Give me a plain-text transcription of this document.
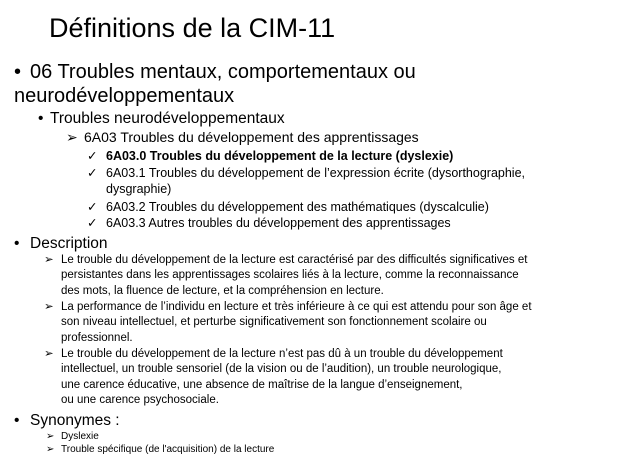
Définitions de la CIM-11
• 06 Troubles mentaux, comportementaux ou
neurodéveloppementaux
• Troubles neurodéveloppementaux
➢ 6A03 Troubles du développement des apprentissages
✓ 6A03.0 Troubles du développement de la lecture (dyslexie)
✓ 6A03.1 Troubles du développement de l’expression écrite (dysorthographie,
dysgraphie)
✓ 6A03.2 Troubles du développement des mathématiques (dyscalculie)
✓ 6A03.3 Autres troubles du développement des apprentissages
• Description
➢ Le trouble du développement de la lecture est caractérisé par des difficultés significatives et
persistantes dans les apprentissages scolaires liés à la lecture, comme la reconnaissance
des mots, la fluence de lecture, et la compréhension en lecture.
➢ La performance de l’individu en lecture et très inférieure à ce qui est attendu pour son âge et
son niveau intellectuel, et perturbe significativement son fonctionnement scolaire ou
professionnel.
➢ Le trouble du développement de la lecture n’est pas dû à un trouble du développement
intellectuel, un trouble sensoriel (de la vision ou de l’audition), un trouble neurologique,
une carence éducative, une absence de maîtrise de la langue d’enseignement,
ou une carence psychosociale.
• Synonymes :
➢ Dyslexie
➢ Trouble spécifique (de l'acquisition) de la lecture
